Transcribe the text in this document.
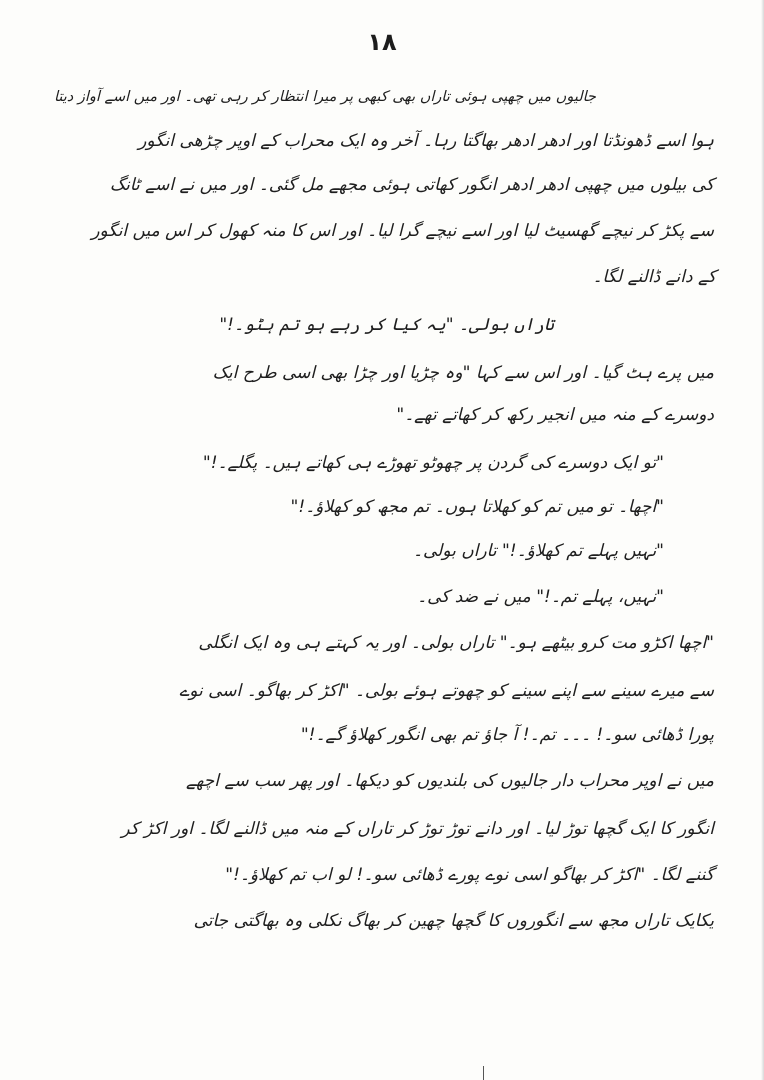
۱۸
جالیوں میں چھپی ہوئی تاراں بھی کبھی پر میرا انتظار کر رہی تھی۔ اور میں اسے آواز دیتا
ہوا اسے ڈھونڈتا اور ادھر ادھر بھاگتا رہا۔ آخر وہ ایک محراب کے اوپر چڑھی انگور
کی بیلوں میں چھپی ادھر ادھر انگور کھاتی ہوئی مجھے مل گئی۔ اور میں نے اسے ٹانگ
سے پکڑ کر نیچے گھسیٹ لیا اور اسے نیچے گرا لیا۔ اور اس کا منہ کھول کر اس میں انگور
کے دانے ڈالنے لگا۔
تاراں بولی۔ "یہ کیا کر رہے ہو تم ہٹو۔!"
میں پرے ہٹ گیا۔ اور اس سے کہا "وہ چڑیا اور چڑا بھی اسی طرح ایک
دوسرے کے منہ میں انجیر رکھ کر کھاتے تھے۔"
"تو ایک دوسرے کی گردن پر چھوٹو تھوڑے ہی کھاتے ہیں۔ پگلے۔!"
"اچھا۔ تو میں تم کو کھلاتا ہوں۔ تم مجھ کو کھلاؤ۔!"
"نہیں پہلے تم کھلاؤ۔!" تاراں بولی۔
"نہیں، پہلے تم۔!" میں نے ضد کی۔
"اچھا اکڑو مت کرو بیٹھے ہو۔" تاراں بولی۔ اور یہ کہتے ہی وہ ایک انگلی
سے میرے سینے سے اپنے سینے کو چھوتے ہوئے بولی۔ "اکڑ کر بھاگو۔ اسی نوے
پورا ڈھائی سو۔! ۔۔۔ تم۔! آ جاؤ تم بھی انگور کھلاؤ گے۔!"
میں نے اوپر محراب دار جالیوں کی بلندیوں کو دیکھا۔ اور پھر سب سے اچھے
انگور کا ایک گچھا توڑ لیا۔ اور دانے توڑ توڑ کر تاراں کے منہ میں ڈالنے لگا۔ اور اکڑ کر
گننے لگا۔ "اکڑ کر بھاگو اسی نوے پورے ڈھائی سو۔! لو اب تم کھلاؤ۔!"
یکایک تاراں مجھ سے انگوروں کا گچھا چھین کر بھاگ نکلی وہ بھاگتی جاتی
